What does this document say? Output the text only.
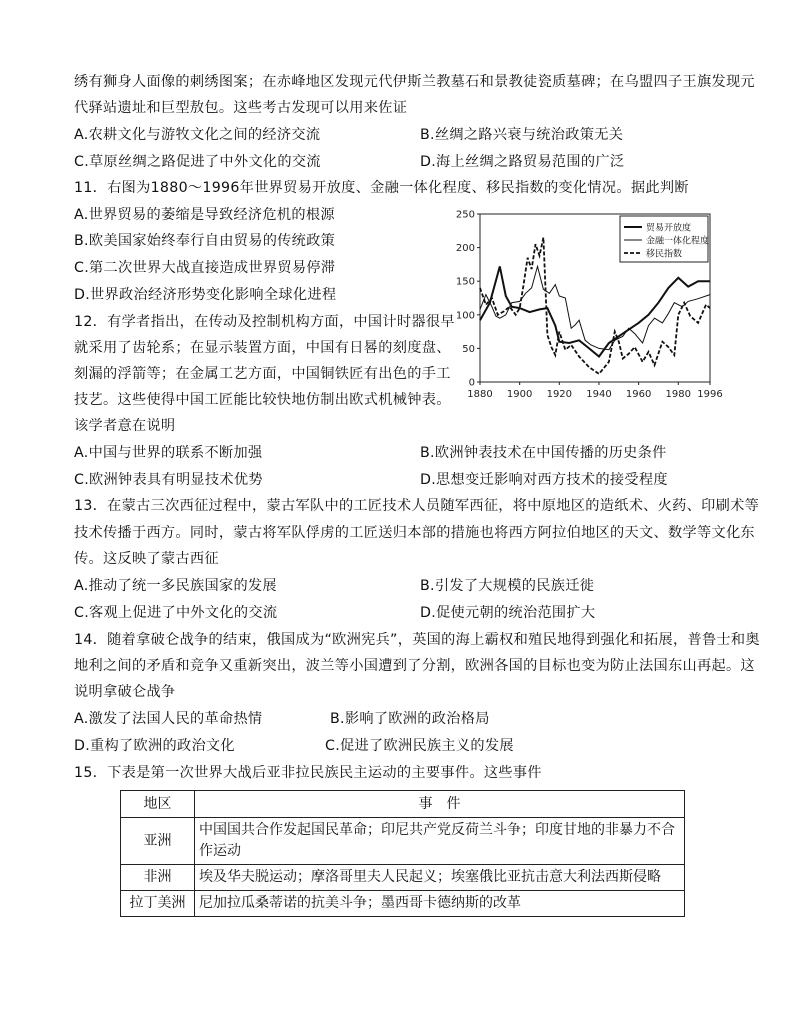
绣有狮身人面像的刺绣图案；在赤峰地区发现元代伊斯兰教墓石和景教徒瓷质墓碑；在乌盟四子王旗发现元
代驿站遗址和巨型敖包。这些考古发现可以用来佐证
A.农耕文化与游牧文化之间的经济交流	B.丝绸之路兴衰与统治政策无关
C.草原丝绸之路促进了中外文化的交流	D.海上丝绸之路贸易范围的广泛
11．右图为1880～1996年世界贸易开放度、金融一体化程度、移民指数的变化情况。据此判断
A.世界贸易的萎缩是导致经济危机的根源
B.欧美国家始终奉行自由贸易的传统政策
C.第二次世界大战直接造成世界贸易停滞
D.世界政治经济形势变化影响全球化进程
0
50
100
150
200
250
1880 1900 1920 1940 1960 1980 1996
贸易开放度
金融一体化程度
移民指数
12．有学者指出，在传动及控制机构方面，中国计时器很早
就采用了齿轮系；在显示装置方面，中国有日晷的刻度盘、
刻漏的浮箭等；在金属工艺方面，中国铜铁匠有出色的手工
技艺。这些使得中国工匠能比较快地仿制出欧式机械钟表。
该学者意在说明
A.中国与世界的联系不断加强	B.欧洲钟表技术在中国传播的历史条件
C.欧洲钟表具有明显技术优势	D.思想变迁影响对西方技术的接受程度
13．在蒙古三次西征过程中，蒙古军队中的工匠技术人员随军西征，将中原地区的造纸术、火药、印刷术等
技术传播于西方。同时，蒙古将军队俘虏的工匠送归本部的措施也将西方阿拉伯地区的天文、数学等文化东
传。这反映了蒙古西征
A.推动了统一多民族国家的发展	B.引发了大规模的民族迁徙
C.客观上促进了中外文化的交流	D.促使元朝的统治范围扩大
14．随着拿破仑战争的结束，俄国成为“欧洲宪兵”，英国的海上霸权和殖民地得到强化和拓展，普鲁士和奥
地利之间的矛盾和竞争又重新突出，波兰等小国遭到了分割，欧洲各国的目标也变为防止法国东山再起。这
说明拿破仑战争
A.激发了法国人民的革命热情	B.影响了欧洲的政治格局
D.重构了欧洲的政治文化	C.促进了欧洲民族主义的发展
15．下表是第一次世界大战后亚非拉民族民主运动的主要事件。这些事件
地区	事　件
亚洲	中国国共合作发起国民革命；印尼共产党反荷兰斗争；印度甘地的非暴力不合作运动
非洲	埃及华夫脱运动；摩洛哥里夫人民起义；埃塞俄比亚抗击意大利法西斯侵略
拉丁美洲	尼加拉瓜桑蒂诺的抗美斗争；墨西哥卡德纳斯的改革
